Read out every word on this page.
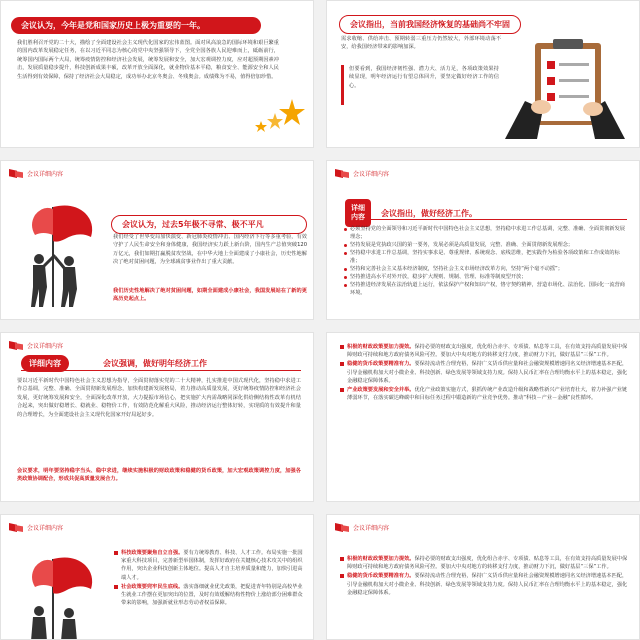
会议认为，今年是党和国家历史上极为重要的一年。
我们胜利召开党的二十大，描绘了全面建设社会主义现代化国家的宏伟蓝图。面对风高浪急的国际环境和艰巨繁重的国内改革发展稳定任务，在以习近平同志为核心的党中央坚强领导下，全党全国各族人民迎难而上，砥砺前行，统筹国内国际两个大局，统筹疫情防控和经济社会发展，统筹发展和安全，加大宏观调控力度，应对超预期因素冲击，发展质量稳步提升，科技创新成果丰硕，改革开放全面深化，就业物价基本平稳，粮食安全、能源安全和人民生活得到有效保障，保持了经济社会大局稳定，成功举办北京冬奥会、冬残奥会。成绩殊为不易，值得倍加珍惜。
会议指出，当前我国经济恢复的基础尚不牢固
需求收缩、供给冲击、预期转弱三重压力仍然较大，外部环境动荡不安，给我国经济带来的影响加深。
但要看到，我国经济韧性强、潜力大、活力足，各项政策效果持续显现，明年经济运行有望总体回升，要坚定做好经济工作的信心。
会议详细内容
会议认为，过去5年极不寻常、极不平凡
我们经受了世界变局加快演变、新冠肺炎疫情冲击、国内经济下行等多重考验，有效守护了人民生命安全和身体健康，我国经济实力跃上新台阶，国内生产总值突破120万亿元，我们如期打赢脱贫攻坚战，在中华大地上全面建成了小康社会，历史性地解决了绝对贫困问题，为全球减贫事业作出了重大贡献。
我们历史性地解决了绝对贫困问题，如期全面建成小康社会，我国发展站在了新的更高历史起点上。
会议详细内容
详细内容	会议指出，做好经济工作。
必须坚持党的全面领导和习近平新时代中国特色社会主义思想，坚持稳中求进工作总基调，完整、准确、全面贯彻新发展理念；
坚持发展是党执政兴国的第一要务，发展必须是高质量发展，完整、准确、全面贯彻新发展理念；
坚持稳中求进工作总基调，坚持实事求是、尊重规律、系统观念、底线思维，把实践作为检验各项政策和工作成效的标准；
坚持和完善社会主义基本经济制度，坚持社会主义市场经济改革方向，坚持“两个毫不动摇”；
坚持推进高水平对外开放，稳步扩大规则、规制、管理、标准等制度型开放；
坚持推进经济发展在法治轨道上运行，依法保护产权和知识产权，恪守契约精神，营造市场化、法治化、国际化一流营商环境。
会议详细内容
详细内容	会议强调，做好明年经济工作
要以习近平新时代中国特色社会主义思想为指导，全面贯彻落实党的二十大精神，扎实推进中国式现代化，坚持稳中求进工作总基调，完整、准确、全面贯彻新发展理念，加快构建新发展格局，着力推动高质量发展，更好统筹疫情防控和经济社会发展，更好统筹发展和安全，全面深化改革开放，大力提振市场信心，把实施扩大内需战略同深化供给侧结构性改革有机结合起来，突出做好稳增长、稳就业、稳物价工作，有效防范化解重大风险，推动经济运行整体好转，实现质的有效提升和量的合理增长，为全面建设社会主义现代化国家开好局起好步。
会议要求，明年要坚持稳字当头、稳中求进，继续实施积极的财政政策和稳健的货币政策，加大宏观政策调控力度，加强各类政策协调配合，形成共促高质量发展合力。
积极的财政政策要加力提效。保持必要的财政支出强度，优化组合赤字、专项债、贴息等工具，在有效支持高质量发展中保障财政可持续和地方政府债务风险可控。要加大中央对地方的转移支付力度，推动财力下沉，做好基层“三保”工作。
稳健的货币政策要精准有力。要保持流动性合理充裕，保持广义货币供应量和社会融资规模增速同名义经济增速基本匹配，引导金融机构加大对小微企业、科技创新、绿色发展等领域支持力度。保持人民币汇率在合理均衡水平上的基本稳定，强化金融稳定保障体系。
产业政策要发展和安全并举。优化产业政策实施方式，狠抓传统产业改造升级和战略性新兴产业培育壮大，着力补强产业链薄弱环节，在落实碳达峰碳中和目标任务过程中锻造新的产业竞争优势。推动“科技－产业－金融”良性循环。
会议详细内容
科技政策要聚焦自立自强。要有力统筹教育、科技、人才工作。布局实施一批国家重大科技项目，完善新型举国体制，发挥好政府在关键核心技术攻关中的组织作用，突出企业科技创新主体地位。提高人才自主培养质量和能力，加快引进高端人才。
社会政策要兜牢民生底线。落实落细就业优先政策，把促进青年特别是高校毕业生就业工作摆在更加突出的位置，及时有效缓解结构性物价上涨给部分困难群众带来的影响，加强新就业形态劳动者权益保障。
会议详细内容
积极的财政政策要加力提效。保持必要的财政支出强度，优化组合赤字、专项债、贴息等工具，在有效支持高质量发展中保障财政可持续和地方政府债务风险可控。要加大中央对地方的转移支付力度，推动财力下沉，做好基层“三保”工作。
稳健的货币政策要精准有力。要保持流动性合理充裕，保持广义货币供应量和社会融资规模增速同名义经济增速基本匹配，引导金融机构加大对小微企业、科技创新、绿色发展等领域支持力度。保持人民币汇率在合理均衡水平上的基本稳定，强化金融稳定保障体系。
